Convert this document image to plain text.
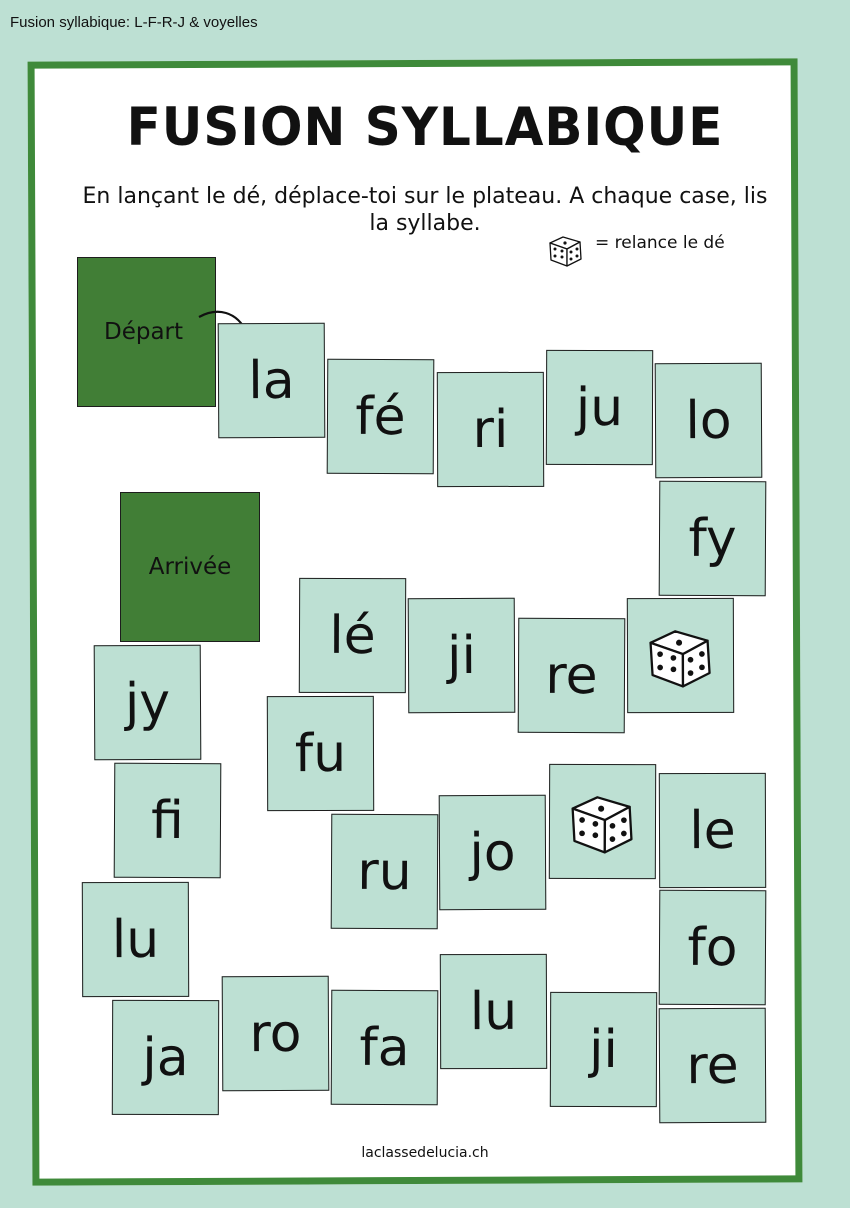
Fusion syllabique: L-F-R-J & voyelles
FUSION SYLLABIQUE
En lançant le dé, déplace-toi sur le plateau. A chaque case, lis la syllabe.
= relance le dé
Départ
Arrivée
la
fé ri ju lo
fy
re
ji
lé
fu
ru jo	le
fo
re
ji
lu
fa
ro
ja
lu
fi
jy
laclassedelucia.ch
